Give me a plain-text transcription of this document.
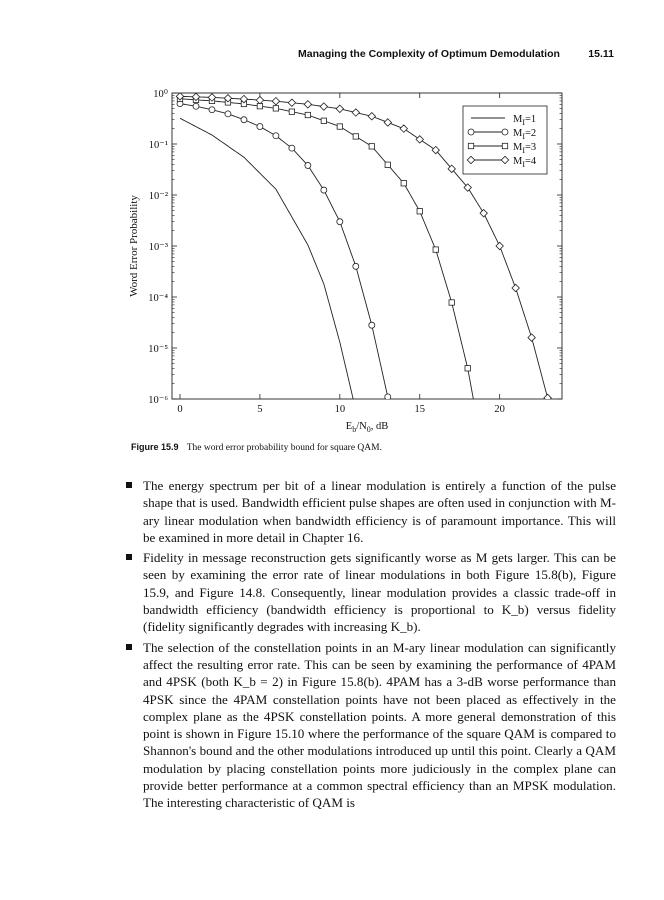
Managing the Complexity of Optimum Demodulation	15.11
10⁰
10⁻¹
10⁻²
10⁻³
10⁻⁴
10⁻⁵
10⁻⁶
0	5	10	15	20
$E_b/N_0$, dB
Word Error Probability
$M_I=1$
$M_I=2$
$M_I=3$
$M_I=4$
Figure 15.9 The word error probability bound for square QAM.
The energy spectrum per bit of a linear modulation is entirely a function of the pulse shape that is used. Bandwidth efficient pulse shapes are often used in conjunction with M-ary linear modulation when bandwidth efficiency is of paramount importance. This will be examined in more detail in Chapter 16.
Fidelity in message reconstruction gets significantly worse as M gets larger. This can be seen by examining the error rate of linear modulations in both Figure 15.8(b), Figure 15.9, and Figure 14.8. Consequently, linear modulation provides a classic trade-off in bandwidth efficiency (bandwidth efficiency is proportional to K_b) versus fidelity (fidelity significantly degrades with increasing K_b).
The selection of the constellation points in an M-ary linear modulation can significantly affect the resulting error rate. This can be seen by examining the performance of 4PAM and 4PSK (both K_b = 2) in Figure 15.8(b). 4PAM has a 3-dB worse performance than 4PSK since the 4PAM constellation points have not been placed as effectively in the complex plane as the 4PSK constellation points. A more general demonstration of this point is shown in Figure 15.10 where the performance of the square QAM is compared to Shannon's bound and the other modulations introduced up until this point. Clearly a QAM modulation by placing constellation points more judiciously in the complex plane can provide better performance at a common spectral efficiency than an MPSK modulation. The interesting characteristic of QAM is
